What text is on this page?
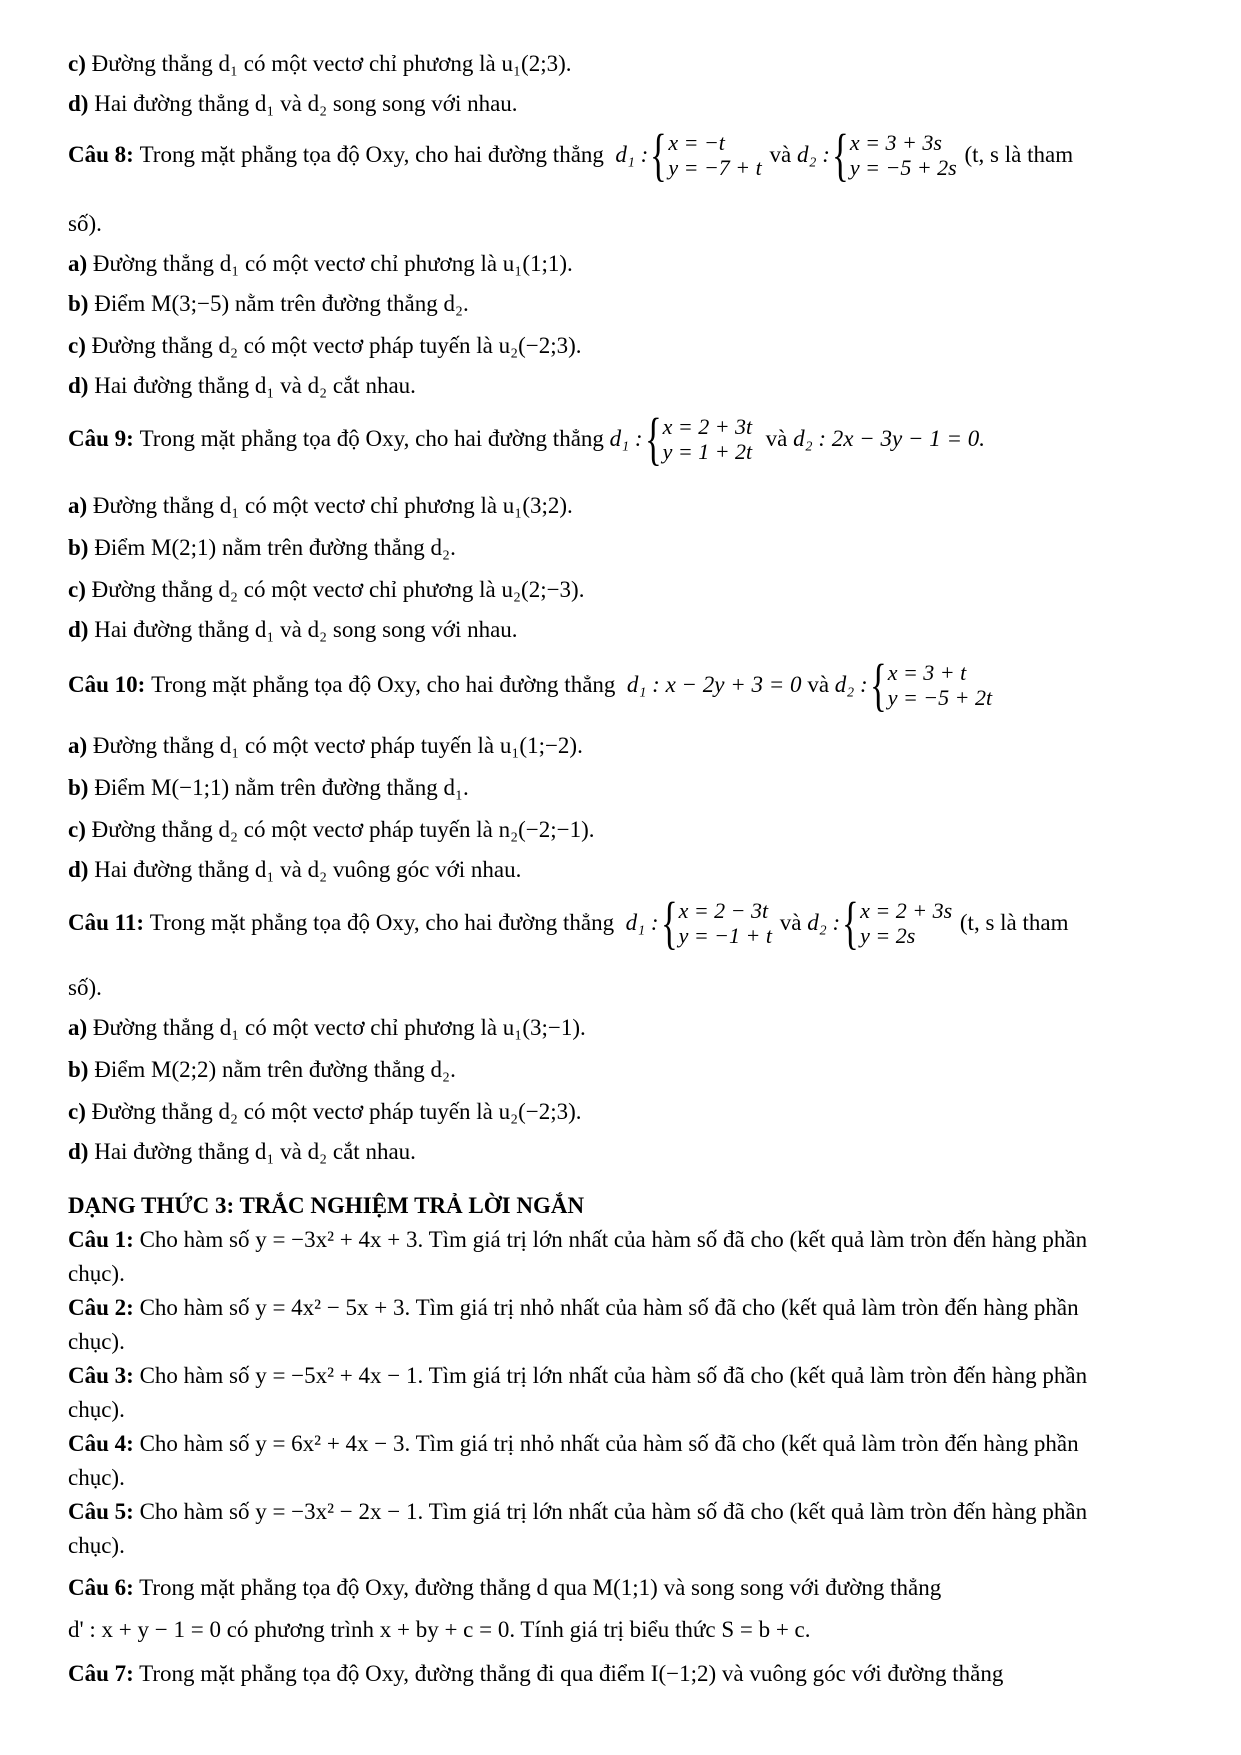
c) Đường thẳng d₁ có một vectơ chỉ phương là u₁(2;3).
d) Hai đường thẳng d₁ và d₂ song song với nhau.
Câu 8:
Trong mặt phẳng tọa độ Oxy, cho hai đường thẳng
d₁ : { x = −t
y = −7 + t

và
d₂ : { x = 3 + 3s
y = −5 + 2s

(t, s là tham
số).
a) Đường thẳng d₁ có một vectơ chỉ phương là u₁(1;1).
b) Điểm M(3;−5) nằm trên đường thẳng d₂.
c) Đường thẳng d₂ có một vectơ pháp tuyến là u₂(−2;3).
d) Hai đường thẳng d₁ và d₂ cắt nhau.
Câu 9:
Trong mặt phẳng tọa độ Oxy, cho hai đường thẳng
d₁ : { x = 2 + 3t
y = 1 + 2t

và
d₂ : 2x − 3y − 1 = 0.
a) Đường thẳng d₁ có một vectơ chỉ phương là u₁(3;2).
b) Điểm M(2;1) nằm trên đường thẳng d₂.
c) Đường thẳng d₂ có một vectơ chỉ phương là u₂(2;−3).
d) Hai đường thẳng d₁ và d₂ song song với nhau.
Câu 10:
Trong mặt phẳng tọa độ Oxy, cho hai đường thẳng
d₁ : x − 2y + 3 = 0
và
d₂ : { x = 3 + t
y = −5 + 2t
a) Đường thẳng d₁ có một vectơ pháp tuyến là u₁(1;−2).
b) Điểm M(−1;1) nằm trên đường thẳng d₁.
c) Đường thẳng d₂ có một vectơ pháp tuyến là n₂(−2;−1).
d) Hai đường thẳng d₁ và d₂ vuông góc với nhau.
Câu 11:
Trong mặt phẳng tọa độ Oxy, cho hai đường thẳng
d₁ : { x = 2 − 3t
y = −1 + t

và
d₂ : { x = 2 + 3s
y = 2s

(t, s là tham
số).
a) Đường thẳng d₁ có một vectơ chỉ phương là u₁(3;−1).
b) Điểm M(2;2) nằm trên đường thẳng d₂.
c) Đường thẳng d₂ có một vectơ pháp tuyến là u₂(−2;3).
d) Hai đường thẳng d₁ và d₂ cắt nhau.
DẠNG THỨC 3: TRẮC NGHIỆM TRẢ LỜI NGẮN
Câu 1: Cho hàm số y = −3x² + 4x + 3. Tìm giá trị lớn nhất của hàm số đã cho (kết quả làm tròn đến hàng phần
chục).
Câu 2: Cho hàm số y = 4x² − 5x + 3. Tìm giá trị nhỏ nhất của hàm số đã cho (kết quả làm tròn đến hàng phần
chục).
Câu 3: Cho hàm số y = −5x² + 4x − 1. Tìm giá trị lớn nhất của hàm số đã cho (kết quả làm tròn đến hàng phần
chục).
Câu 4: Cho hàm số y = 6x² + 4x − 3. Tìm giá trị nhỏ nhất của hàm số đã cho (kết quả làm tròn đến hàng phần
chục).
Câu 5: Cho hàm số y = −3x² − 2x − 1. Tìm giá trị lớn nhất của hàm số đã cho (kết quả làm tròn đến hàng phần
chục).
Câu 6: Trong mặt phẳng tọa độ Oxy, đường thẳng d qua M(1;1) và song song với đường thẳng
d' : x + y − 1 = 0 có phương trình x + by + c = 0. Tính giá trị biểu thức S = b + c.
Câu 7: Trong mặt phẳng tọa độ Oxy, đường thẳng đi qua điểm I(−1;2) và vuông góc với đường thẳng
